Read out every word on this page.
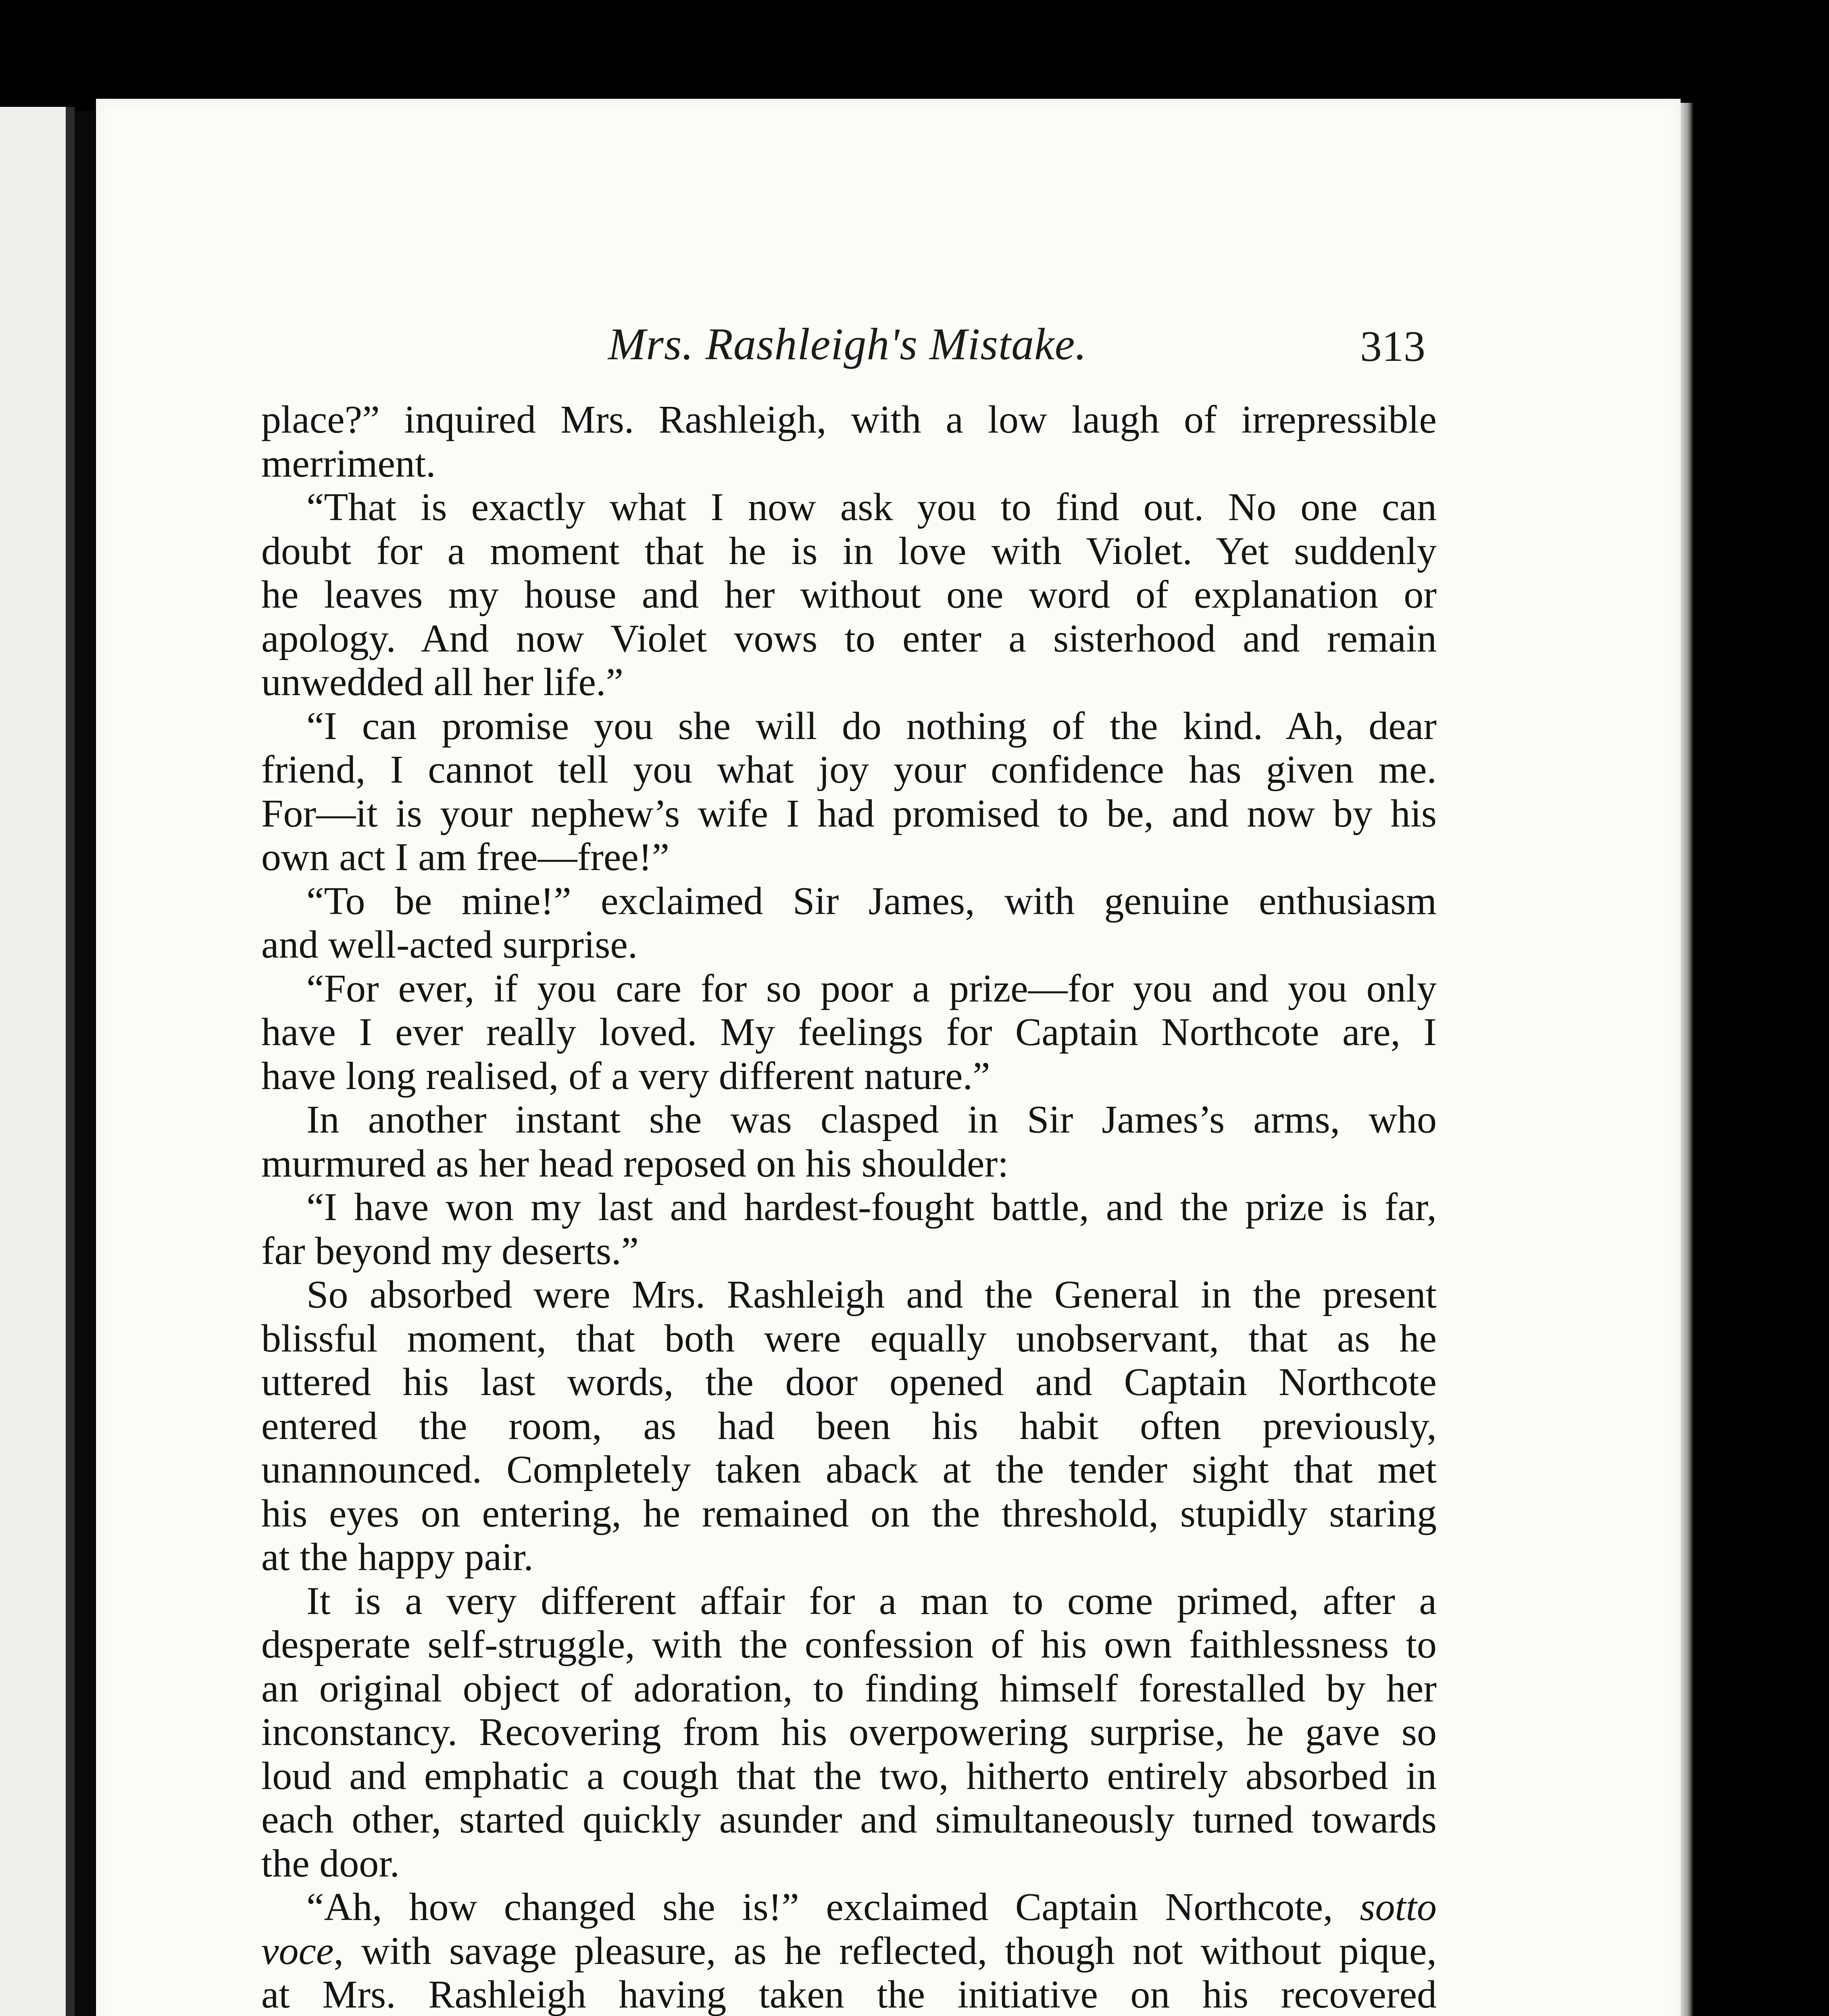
Mrs. Rashleigh's Mistake.	313
place?” inquired Mrs. Rashleigh, with a low laugh of irrepressible
merriment.
“That is exactly what I now ask you to find out. No one can
doubt for a moment that he is in love with Violet. Yet suddenly
he leaves my house and her without one word of explanation or
apology. And now Violet vows to enter a sisterhood and remain
unwedded all her life.”
“I can promise you she will do nothing of the kind. Ah, dear
friend, I cannot tell you what joy your confidence has given me.
For—it is your nephew’s wife I had promised to be, and now by his
own act I am free—free!”
“To be mine!” exclaimed Sir James, with genuine enthusiasm
and well-acted surprise.
“For ever, if you care for so poor a prize—for you and you only
have I ever really loved. My feelings for Captain Northcote are, I
have long realised, of a very different nature.”
In another instant she was clasped in Sir James’s arms, who
murmured as her head reposed on his shoulder:
“I have won my last and hardest-fought battle, and the prize is far,
far beyond my deserts.”
So absorbed were Mrs. Rashleigh and the General in the present
blissful moment, that both were equally unobservant, that as he
uttered his last words, the door opened and Captain Northcote
entered the room, as had been his habit often previously,
unannounced. Completely taken aback at the tender sight that met
his eyes on entering, he remained on the threshold, stupidly staring
at the happy pair.
It is a very different affair for a man to come primed, after a
desperate self-struggle, with the confession of his own faithlessness to
an original object of adoration, to finding himself forestalled by her
inconstancy. Recovering from his overpowering surprise, he gave so
loud and emphatic a cough that the two, hitherto entirely absorbed in
each other, started quickly asunder and simultaneously turned towards
the door.
“Ah, how changed she is!” exclaimed Captain Northcote, sotto
voce, with savage pleasure, as he reflected, though not without pique,
at Mrs. Rashleigh having taken the initiative on his recovered
